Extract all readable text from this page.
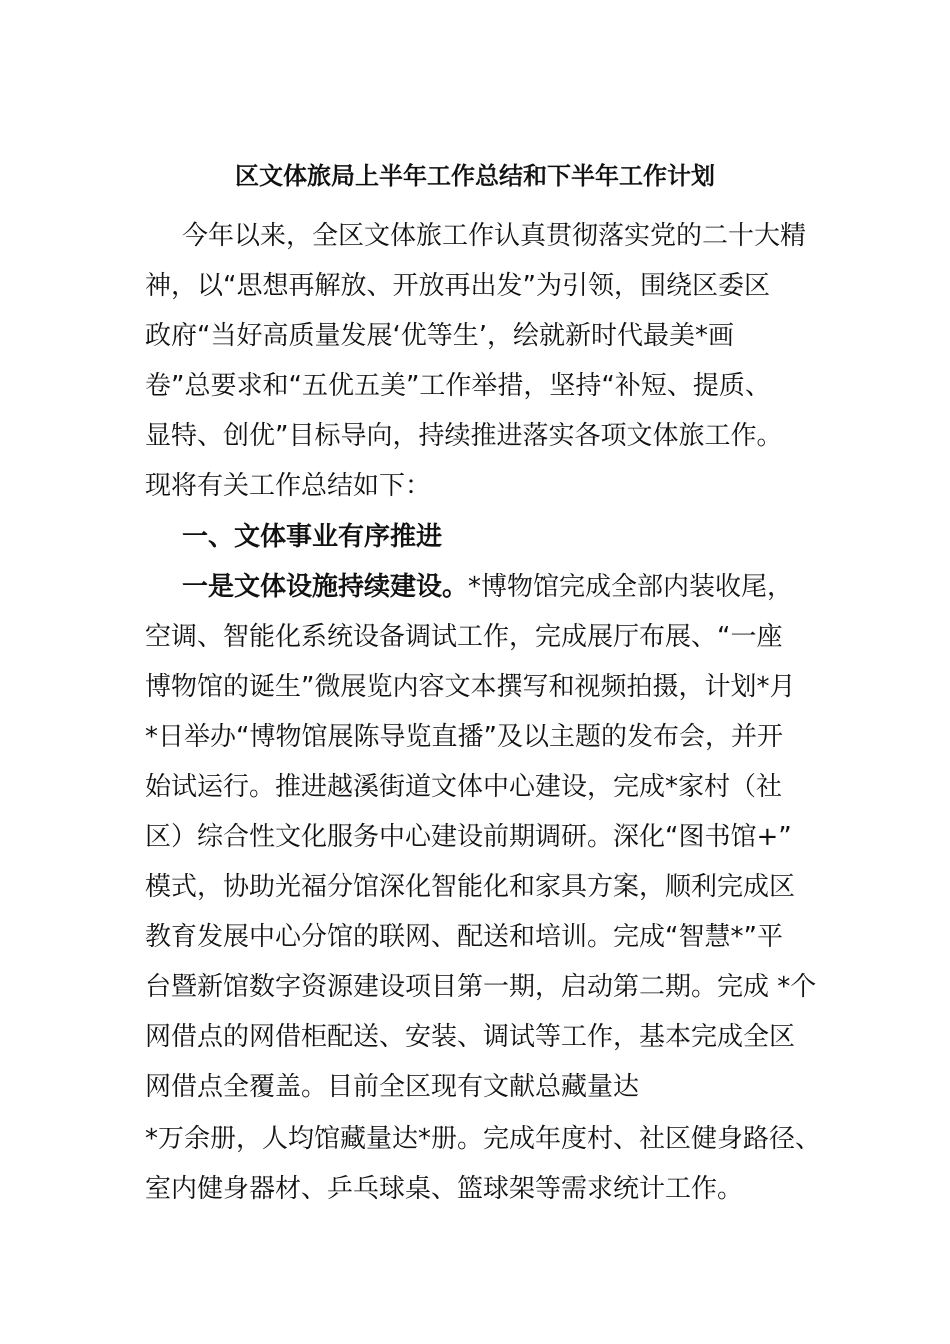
区文体旅局上半年工作总结和下半年工作计划

今年以来，全区文体旅工作认真贯彻落实党的二十大精

神，以“思想再解放、开放再出发”为引领，围绕区委区

政府“当好高质量发展‘优等生’，绘就新时代最美*画

卷”总要求和“五优五美”工作举措，坚持“补短、提质、

显特、创优”目标导向，持续推进落实各项文体旅工作。

现将有关工作总结如下：

一、文体事业有序推进

一是文体设施持续建设。*博物馆完成全部内装收尾，

空调、智能化系统设备调试工作，完成展厅布展、“一座

博物馆的诞生”微展览内容文本撰写和视频拍摄，计划*月

*日举办“博物馆展陈导览直播”及以主题的发布会，并开

始试运行。推进越溪街道文体中心建设，完成*家村（社

区）综合性文化服务中心建设前期调研。深化“图书馆+”

模式，协助光福分馆深化智能化和家具方案，顺利完成区

教育发展中心分馆的联网、配送和培训。完成“智慧*”平

台暨新馆数字资源建设项目第一期，启动第二期。完成 *个

网借点的网借柜配送、安装、调试等工作，基本完成全区

网借点全覆盖。目前全区现有文献总藏量达

*万余册，人均馆藏量达*册。完成年度村、社区健身路径、

室内健身器材、乒乓球桌、篮球架等需求统计工作。
